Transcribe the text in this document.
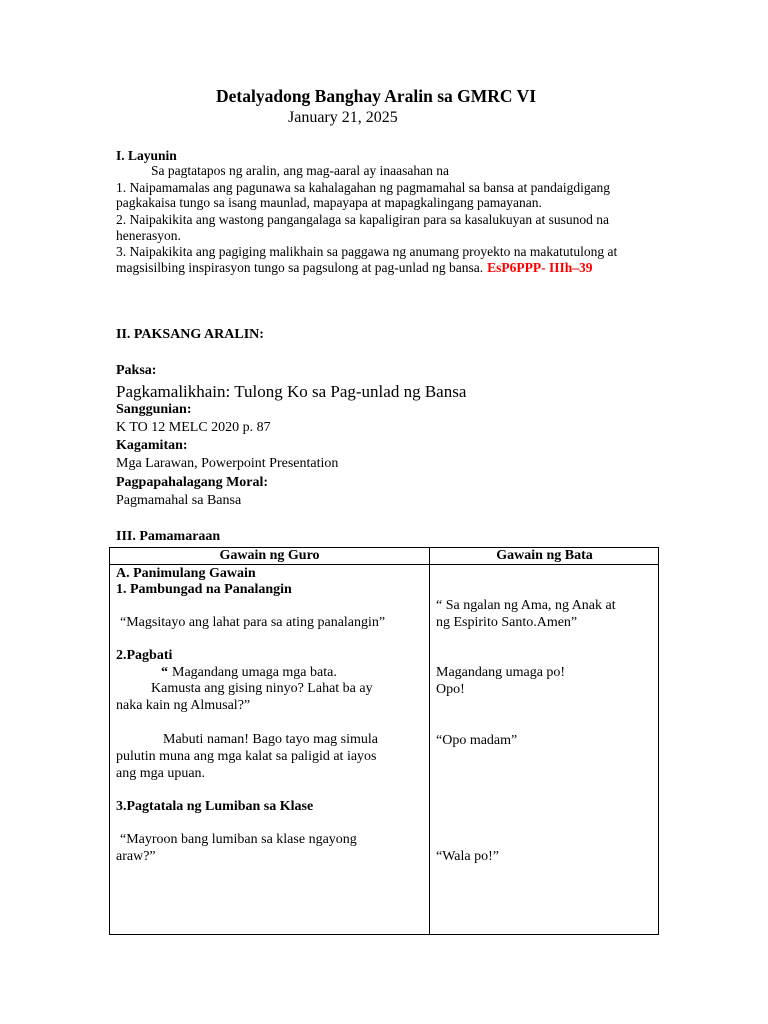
Detalyadong Banghay Aralin sa GMRC VI
January 21, 2025
I. Layunin
Sa pagtatapos ng aralin, ang mag-aaral ay inaasahan na
1. Naipamamalas ang pagunawa sa kahalagahan ng pagmamahal sa bansa at pandaigdigang
pagkakaisa tungo sa isang maunlad, mapayapa at mapagkalingang pamayanan.
2. Naipakikita ang wastong pangangalaga sa kapaligiran para sa kasalukuyan at susunod na
henerasyon.
3. Naipakikita ang pagiging malikhain sa paggawa ng anumang proyekto na makatutulong at
magsisilbing inspirasyon tungo sa pagsulong at pag-unlad ng bansa. EsP6PPP- IIIh–39
II. PAKSANG ARALIN:
Paksa:
Pagkamalikhain: Tulong Ko sa Pag-unlad ng Bansa
Sanggunian:
K TO 12 MELC 2020 p. 87
Kagamitan:
Mga Larawan, Powerpoint Presentation
Pagpapahalagang Moral:
Pagmamahal sa Bansa
III. Pamamaraan
Gawain ng Guro	Gawain ng Bata
A. Panimulang Gawain
1. Pambungad na Panalangin
“Magsitayo ang lahat para sa ating panalangin”
2.Pagbati
“ Magandang umaga mga bata.
Kamusta ang gising ninyo? Lahat ba ay
naka kain ng Almusal?”
Mabuti naman! Bago tayo mag simula
pulutin muna ang mga kalat sa paligid at iayos
ang mga upuan.
3.Pagtatala ng Lumiban sa Klase
“Mayroon bang lumiban sa klase ngayong
araw?”
“ Sa ngalan ng Ama, ng Anak at
ng Espirito Santo.Amen”
Magandang umaga po!
Opo!
“Opo madam”
“Wala po!”
